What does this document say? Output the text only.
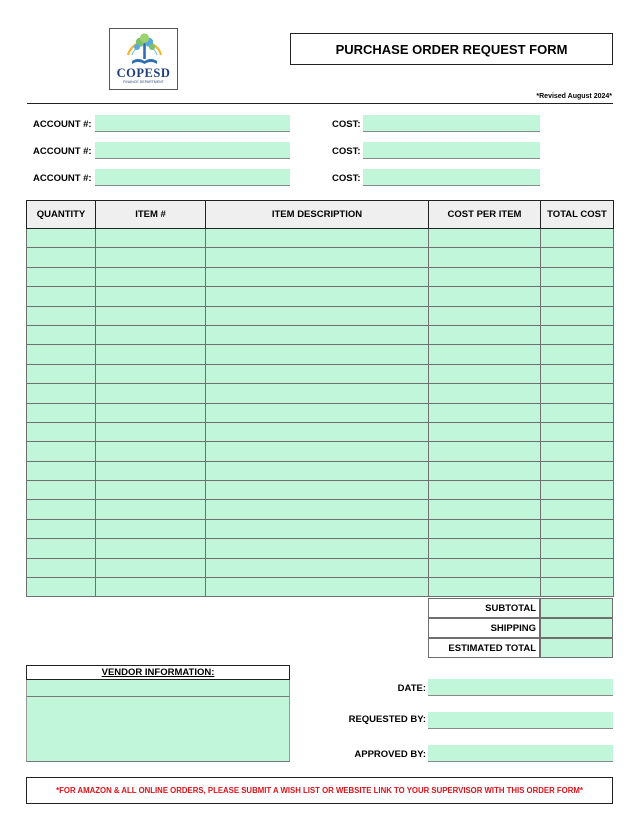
COPESD
FINANCE DEPARTMENT
PURCHASE ORDER REQUEST FORM
*Revised August 2024*
ACCOUNT #:	COST:
ACCOUNT #:	COST:
ACCOUNT #:	COST:
QUANTITY	ITEM #	ITEM DESCRIPTION	COST PER ITEM	TOTAL COST

SUBTOTAL
SHIPPING
ESTIMATED TOTAL
VENDOR INFORMATION:
DATE:
REQUESTED BY:
APPROVED BY:
*FOR AMAZON & ALL ONLINE ORDERS, PLEASE SUBMIT A WISH LIST OR WEBSITE LINK TO YOUR SUPERVISOR WITH THIS ORDER FORM*
